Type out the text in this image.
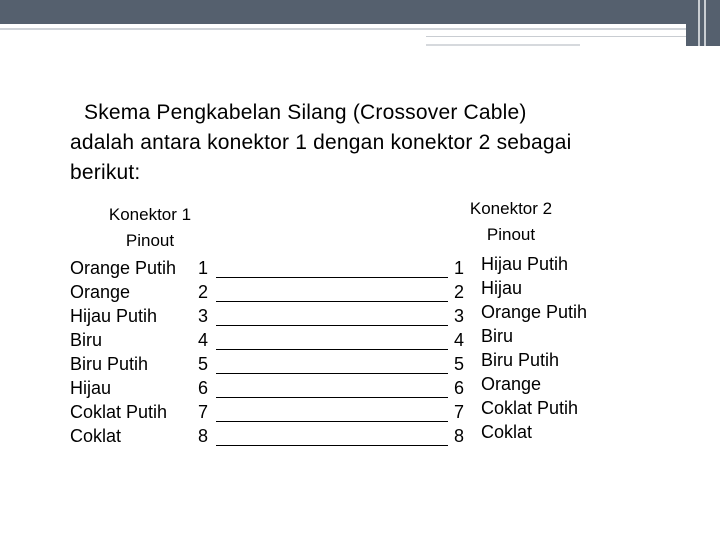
Skema Pengkabelan Silang (Crossover Cable)
adalah antara konektor 1 dengan konektor 2 sebagai
berikut:
Konektor 1
Pinout
Konektor 2
Pinout
Orange Putih
Orange
Hijau Putih
Biru
Biru Putih
Hijau
Coklat Putih
Coklat
1
2
3
4
5
6
7
8
1
2
3
4
5
6
7
8
Hijau Putih
Hijau
Orange Putih
Biru
Biru Putih
Orange
Coklat Putih
Coklat
